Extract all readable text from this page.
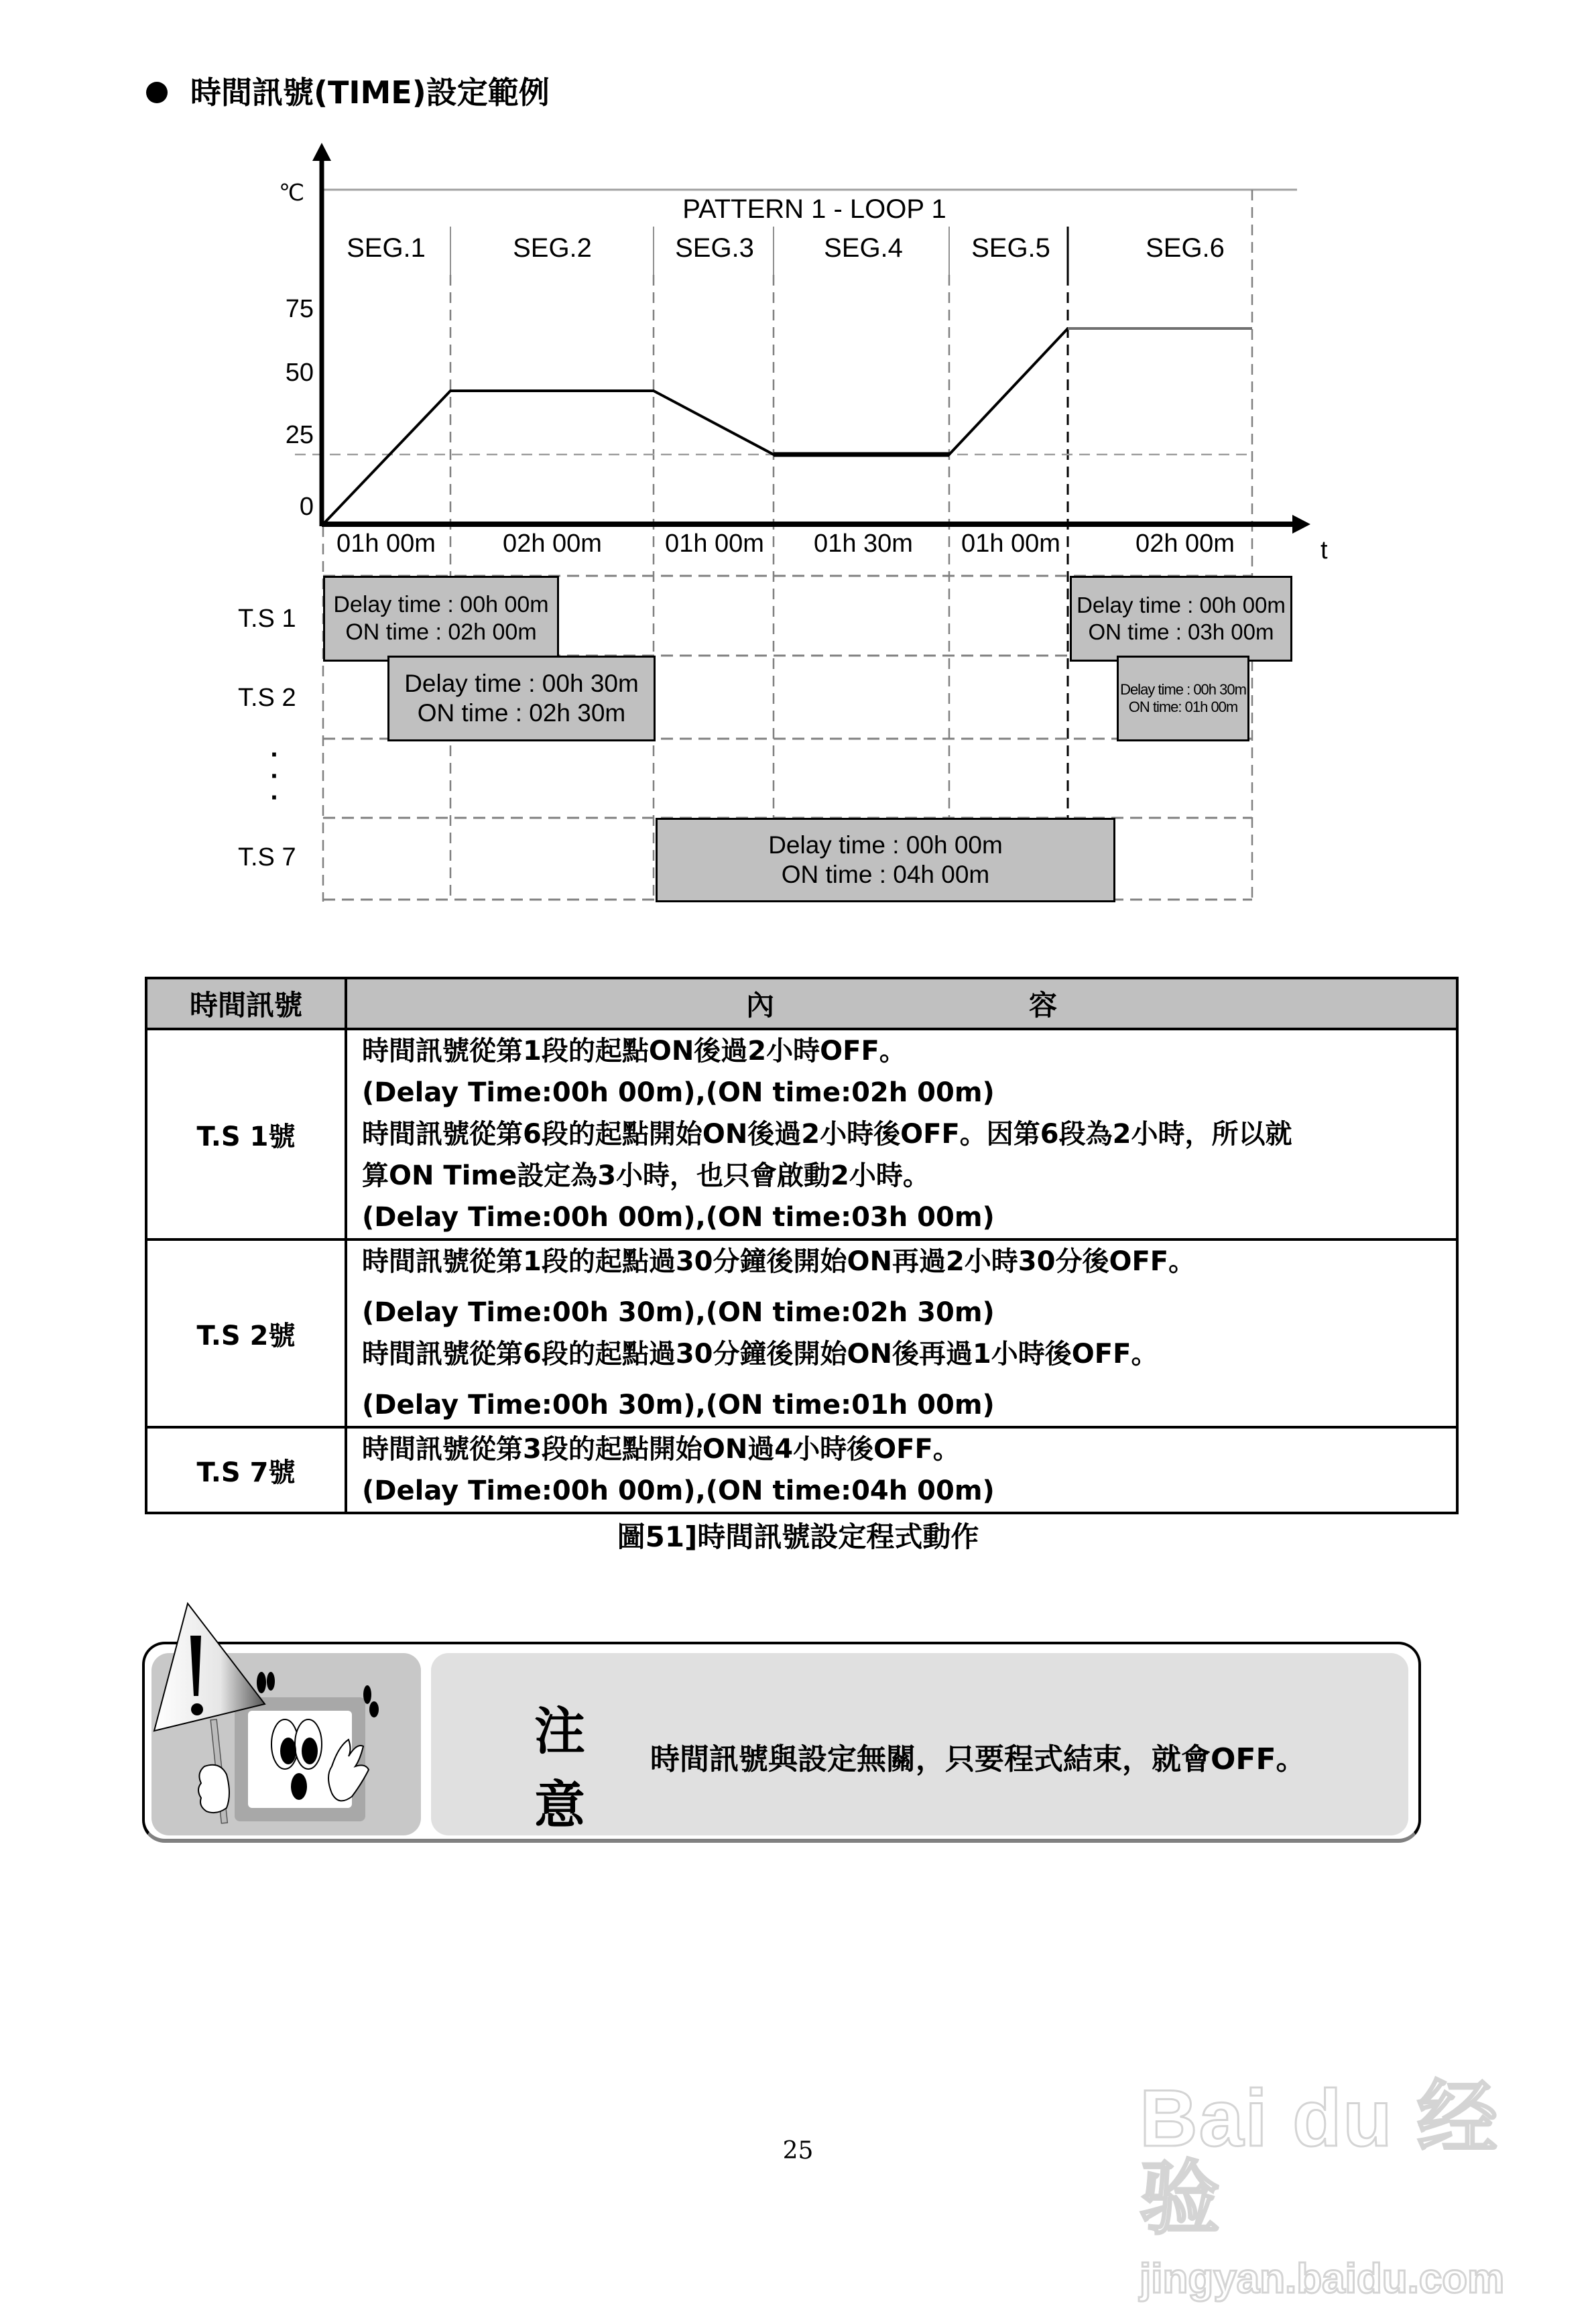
時間訊號(TIME)設定範例
℃
PATTERN 1 - LOOP 1
0
25
50
75
SEG.1	SEG.2	SEG.3	SEG.4	SEG.5	SEG.6
01h 00m	02h 00m 01h 00m 01h 30m 01h 00m	02h 00m	t
T.S 1
T.S 2
·
·
·
T.S 7
Delay time : 00h 00m
ON time : 02h 00m
Delay time : 00h 00m
ON time : 03h 00m
Delay time : 00h 30m
ON time : 02h 30m
Delay time : 00h 30m
ON time: 01h 00m
Delay time : 00h 00m
ON time : 04h 00m
時間訊號	內 容

T.S 1號	時間訊號從第1段的起點ON後過2小時OFF。
(Delay Time:00h 00m),(ON time:02h 00m)
時間訊號從第6段的起點開始ON後過2小時後OFF。因第6段為2小時，所以就
算ON Time設定為3小時，也只會啟動2小時。
(Delay Time:00h 00m),(ON time:03h 00m)

T.S 2號	時間訊號從第1段的起點過30分鐘後開始ON再過2小時30分後OFF。
(Delay Time:00h 30m),(ON time:02h 30m)
時間訊號從第6段的起點過30分鐘後開始ON後再過1小時後OFF。
(Delay Time:00h 30m),(ON time:01h 00m)

T.S 7號	時間訊號從第3段的起點開始ON過4小時後OFF。
(Delay Time:00h 00m),(ON time:04h 00m)
圖51]時間訊號設定程式動作
注
意
時間訊號與設定無關，只要程式結束，就會OFF。
25	Bai du 经验
jingyan.baidu.com
